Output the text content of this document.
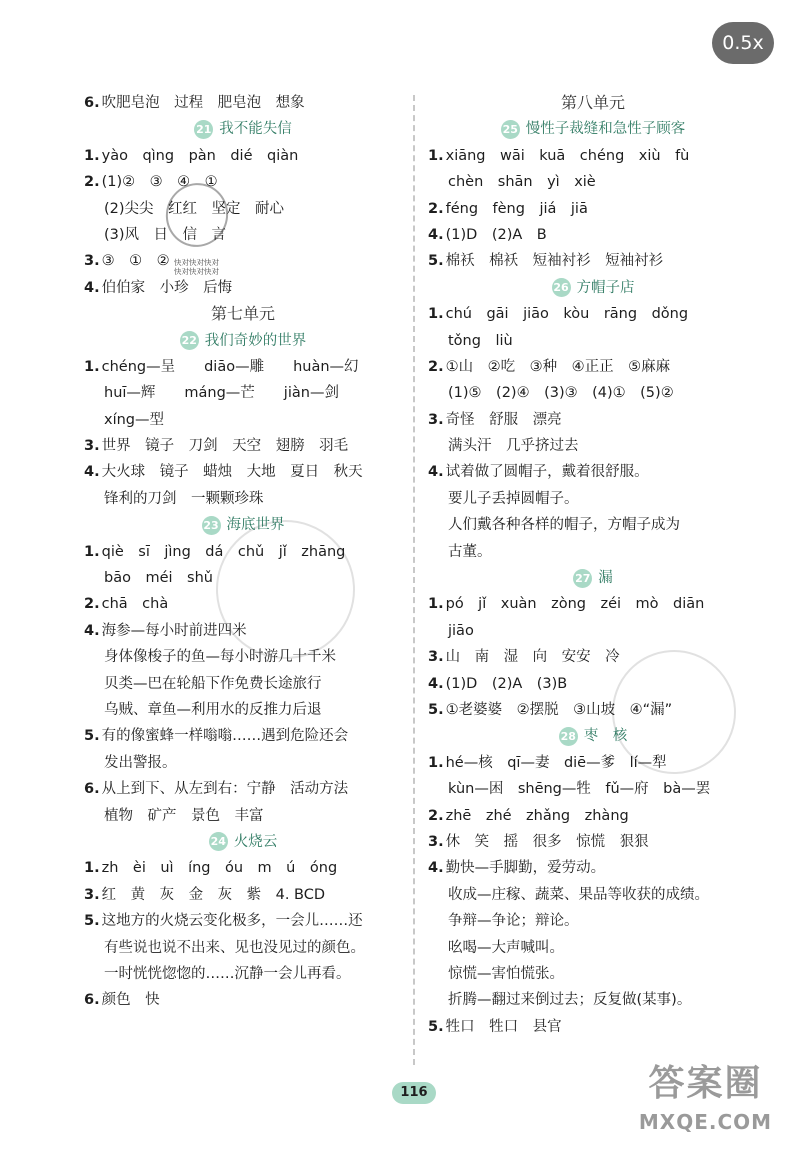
0.5x
快对快对快对
快对快对快对
6. 吹肥皂泡　过程　肥皂泡　想象
21 我不能失信
1. yào　qìng　pàn　dié　qiàn
2. (1)②　③　④　①
(2)尖尖　红红　坚定　耐心
(3)风　日　信　言
3. ③　①　②
4. 伯伯家　小珍　后悔
第七单元
22 我们奇妙的世界
1. chéng—呈　　diāo—雕　　huàn—幻
huī—辉　　máng—芒　　jiàn—剑
xíng—型
3. 世界　镜子　刀剑　天空　翅膀　羽毛
4. 大火球　镜子　蜡烛　大地　夏日　秋天
锋利的刀剑　一颗颗珍珠
23 海底世界
1. qiè　sī　jìng　dá　chǔ　jǐ　zhāng
bāo　méi　shǔ
2. chā　chà
4. 海参—每小时前进四米
身体像梭子的鱼—每小时游几十千米
贝类—巴在轮船下作免费长途旅行
乌贼、章鱼—利用水的反推力后退
5. 有的像蜜蜂一样嗡嗡……遇到危险还会
发出警报。
6. 从上到下、从左到右：宁静　活动方法
植物　矿产　景色　丰富
24 火烧云
1. zh　èi　uì　íng　óu　m　ú　óng
3. 红　黄　灰　金　灰　紫　4. BCD
5. 这地方的火烧云变化极多，一会儿……还
有些说也说不出来、见也没见过的颜色。
一时恍恍惚惚的……沉静一会儿再看。
6. 颜色　快
第八单元
25 慢性子裁缝和急性子顾客
1. xiāng　wāi　kuā　chéng　xiù　fù
chèn　shān　yì　xiè
2. féng　fèng　jiá　jiā
4. (1)D　(2)A　B
5. 棉袄　棉袄　短袖衬衫　短袖衬衫
26 方帽子店
1. chú　gāi　jiāo　kòu　rāng　dǒng
tǒng　liù
2. ①山　②吃　③种　④正正　⑤麻麻
(1)⑤　(2)④　(3)③　(4)①　(5)②
3. 奇怪　舒服　漂亮
满头汗　几乎挤过去
4. 试着做了圆帽子，戴着很舒服。
要儿子丢掉圆帽子。
人们戴各种各样的帽子，方帽子成为
古董。
27 漏
1. pó　jǐ　xuàn　zòng　zéi　mò　diān
jiāo
3. 山　南　湿　向　安安　冷
4. (1)D　(2)A　(3)B
5. ①老婆婆　②摆脱　③山坡　④“漏”
28 枣　核
1. hé—核　qī—妻　diē—爹　lí—犁
kùn—困　shēng—牲　fǔ—府　bà—罢
2. zhē　zhé　zhǎng　zhàng
3. 休　笑　摇　很多　惊慌　狠狠
4. 勤快—手脚勤，爱劳动。
收成—庄稼、蔬菜、果品等收获的成绩。
争辩—争论；辩论。
吆喝—大声喊叫。
惊慌—害怕慌张。
折腾—翻过来倒过去；反复做(某事)。
5. 牲口　牲口　县官
116	答案圈
MXQE.COM
